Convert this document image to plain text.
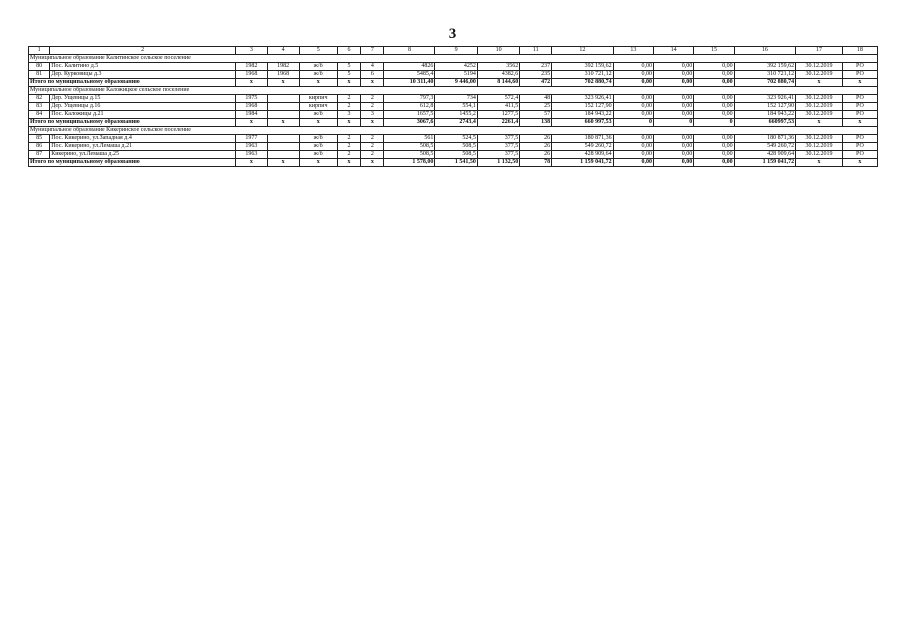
3
1	2	3	4	5	6	7	8	9	10	11	12	13	14	15	16	17	18
Муниципальное образование Калитинское сельское поселение																	
80	Пос. Калитино д.5	1982	1982	ж/б	5	4	4826	4252	3562	237	392 159,62	0,00	0,00	0,00	392 159,62	30.12.2019	РО
81	Дер. Курковицы д.3	1968	1968	ж/б	5	6	5485,4	5194	4382,6	235	310 721,12	0,00	0,00	0,00	310 721,12	30.12.2019	РО
Итого по муниципальному образованию		x	x	x	x	x	10 311,40	9 446,00	8 144,60	472	702 880,74	0,00	0,00	0,00	702 880,74	x	x
Муниципальное образование Каложицкое сельское поселение																	
82	Дер. Ущевицы д.15	1975		кирпич	2	2	797,3	734	572,4	48	323 926,41	0,00	0,00	0,00	323 926,41	30.12.2019	РО
83	Дер. Ущевицы д.16	1968		кирпич	2	2	612,8	554,1	411,5	25	152 127,90	0,00	0,00	0,00	152 127,90	30.12.2019	РО
84	Пос. Каложицы д.21	1984		ж/б	3	3	1657,5	1455,2	1277,5	57	184 943,22	0,00	0,00	0,00	184 943,22	30.12.2019	РО
Итого по муниципальному образованию		x	x	x	x	x	3067,6	2743,4	2261,4	138	660 997,53	0	0	0	660997,53	x	x
Муниципальное образование Кикеринское сельское поселение																	
85	Пос. Кикерино, ул.Западная д.4	1977		ж/б	2	2	561	524,5	377,5	26	180 871,36	0,00	0,00	0,00	180 871,36	30.12.2019	РО
86	Пос. Кикерино, ул.Лемаша д.21	1963		ж/б	2	2	508,5	508,5	377,5	26	549 260,72	0,00	0,00	0,00	549 260,72	30.12.2019	РО
87	Кикерино, ул.Лемаша д.25	1963		ж/б	2	2	508,5	508,5	377,5	26	428 909,64	0,00	0,00	0,00	428 909,64	30.12.2019	РО
Итого по муниципальному образованию		x	x	x	x	x	1 578,00	1 541,50	1 132,50	78	1 159 041,72	0,00	0,00	0,00	1 159 041,72	x	x
